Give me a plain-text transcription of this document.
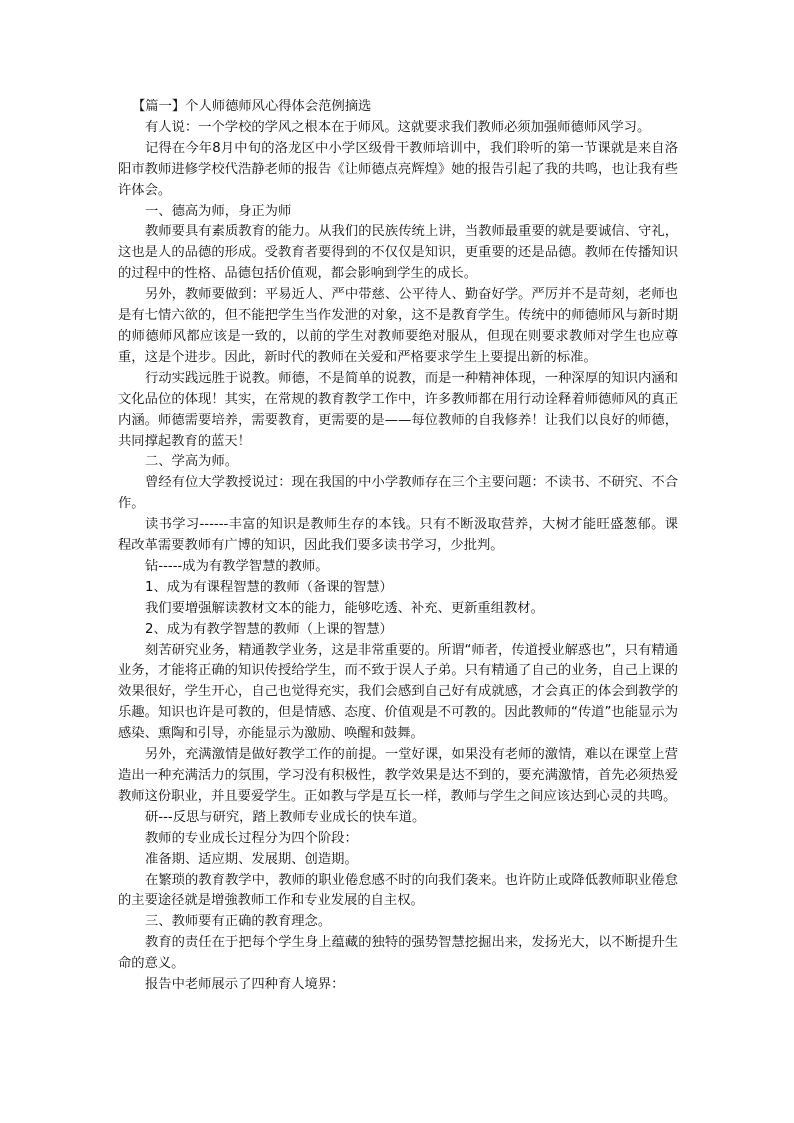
【篇一】个人师德师风心得体会范例摘选

有人说：一个学校的学风之根本在于师风。这就要求我们教师必须加强师德师风学习。

记得在今年8月中旬的洛龙区中小学区级骨干教师培训中，我们聆听的第一节课就是来自洛阳市教师进修学校代浩静老师的报告《让师德点亮辉煌》她的报告引起了我的共鸣，也让我有些许体会。

一、德高为师，身正为师

教师要具有素质教育的能力。从我们的民族传统上讲，当教师最重要的就是要诚信、守礼，这也是人的品德的形成。受教育者要得到的不仅仅是知识，更重要的还是品德。教师在传播知识的过程中的性格、品德包括价值观，都会影响到学生的成长。

另外，教师要做到：平易近人、严中带慈、公平待人、勤奋好学。严厉并不是苛刻，老师也是有七情六欲的，但不能把学生当作发泄的对象，这不是教育学生。传统中的师德师风与新时期的师德师风都应该是一致的，以前的学生对教师要绝对服从，但现在则要求教师对学生也应尊重，这是个进步。因此，新时代的教师在关爱和严格要求学生上要提出新的标准。

行动实践远胜于说教。师德，不是简单的说教，而是一种精神体现，一种深厚的知识内涵和文化品位的体现！其实，在常规的教育教学工作中，许多教师都在用行动诠释着师德师风的真正内涵。师德需要培养，需要教育，更需要的是——每位教师的自我修养！让我们以良好的师德，共同撑起教育的蓝天！

二、学高为师。

曾经有位大学教授说过：现在我国的中小学教师存在三个主要问题：不读书、不研究、不合作。

读书学习------丰富的知识是教师生存的本钱。只有不断汲取营养，大树才能旺盛葱郁。课程改革需要教师有广博的知识，因此我们要多读书学习，少批判。

钻-----成为有教学智慧的教师。

1、成为有课程智慧的教师（备课的智慧）

我们要增强解读教材文本的能力，能够吃透、补充、更新重组教材。

2、成为有教学智慧的教师（上课的智慧）

刻苦研究业务，精通教学业务，这是非常重要的。所谓“师者，传道授业解惑也”，只有精通业务，才能将正确的知识传授给学生，而不致于误人子弟。只有精通了自己的业务，自己上课的效果很好，学生开心，自己也觉得充实，我们会感到自己好有成就感，才会真正的体会到教学的乐趣。知识也许是可教的，但是情感、态度、价值观是不可教的。因此教师的“传道”也能显示为感染、熏陶和引导，亦能显示为激励、唤醒和鼓舞。

另外，充满激情是做好教学工作的前提。一堂好课，如果没有老师的激情，难以在课堂上营造出一种充满活力的氛围，学习没有积极性，教学效果是达不到的，要充满激情，首先必须热爱教师这份职业，并且要爱学生。正如教与学是互长一样，教师与学生之间应该达到心灵的共鸣。

研---反思与研究，踏上教师专业成长的快车道。

教师的专业成长过程分为四个阶段：

准备期、适应期、发展期、创造期。

在繁琐的教育教学中，教师的职业倦怠感不时的向我们袭来。也许防止或降低教师职业倦怠的主要途径就是增強教师工作和专业发展的自主权。

三、教师要有正确的教育理念。

教育的责任在于把每个学生身上蕴藏的独特的强势智慧挖掘出来，发扬光大，以不断提升生命的意义。

报告中老师展示了四种育人境界：
